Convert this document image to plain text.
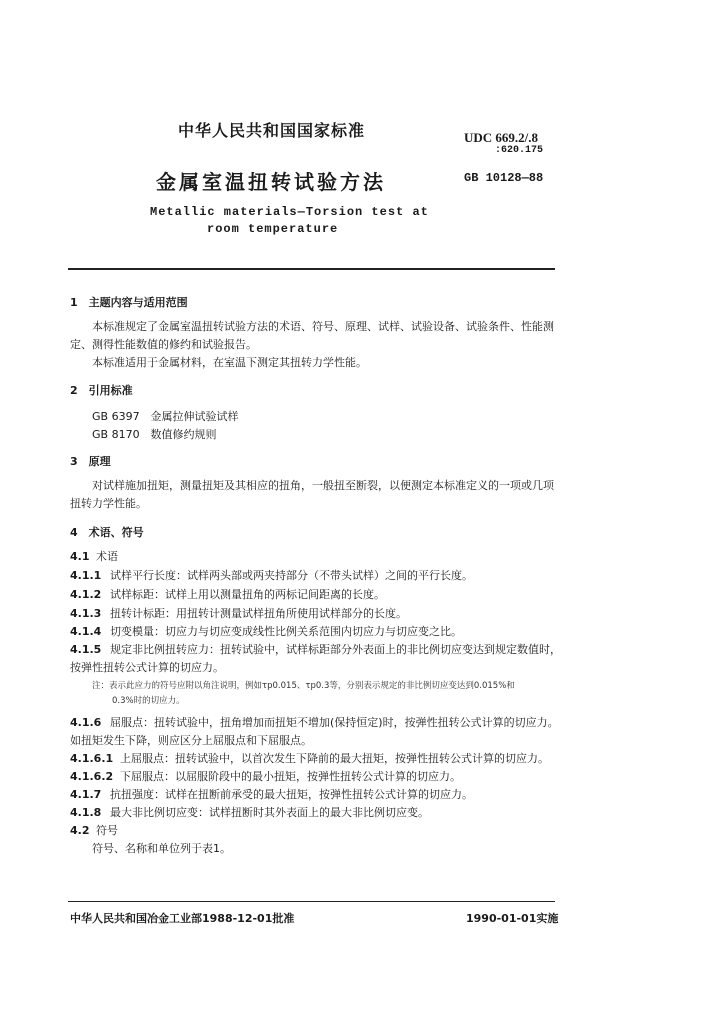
中华人民共和国国家标准	UDC 669.2/.8
:620.175
金属室温扭转试验方法	GB 10128—88
Metallic materials—Torsion test at
room temperature
1　主题内容与适用范围
本标准规定了金属室温扭转试验方法的术语、符号、原理、试样、试验设备、试验条件、性能测
定、测得性能数值的修约和试验报告。
本标准适用于金属材料，在室温下测定其扭转力学性能。
2　引用标准
GB 6397　金属拉伸试验试样
GB 8170　数值修约规则
3　原理
对试样施加扭矩，测量扭矩及其相应的扭角，一般扭至断裂，以便测定本标准定义的一项或几项
扭转力学性能。
4　术语、符号
4.1 术语
4.1.1 试样平行长度：试样两头部或两夹持部分（不带头试样）之间的平行长度。
4.1.2 试样标距：试样上用以测量扭角的两标记间距离的长度。
4.1.3 扭转计标距：用扭转计测量试样扭角所使用试样部分的长度。
4.1.4 切变模量：切应力与切应变成线性比例关系范围内切应力与切应变之比。
4.1.5 规定非比例扭转应力：扭转试验中，试样标距部分外表面上的非比例切应变达到规定数值时，
按弹性扭转公式计算的切应力。
注：表示此应力的符号应附以角注说明，例如τp0.015、τp0.3等，分别表示规定的非比例切应变达到0.015%和
0.3%时的切应力。
4.1.6 屈服点：扭转试验中，扭角增加而扭矩不增加(保持恒定)时，按弹性扭转公式计算的切应力。
如扭矩发生下降，则应区分上屈服点和下屈服点。
4.1.6.1 上屈服点：扭转试验中，以首次发生下降前的最大扭矩，按弹性扭转公式计算的切应力。
4.1.6.2 下屈服点：以屈服阶段中的最小扭矩，按弹性扭转公式计算的切应力。
4.1.7 抗扭强度：试样在扭断前承受的最大扭矩，按弹性扭转公式计算的切应力。
4.1.8 最大非比例切应变：试样扭断时其外表面上的最大非比例切应变。
4.2 符号
符号、名称和单位列于表1。
中华人民共和国冶金工业部1988-12-01批准	1990-01-01实施
